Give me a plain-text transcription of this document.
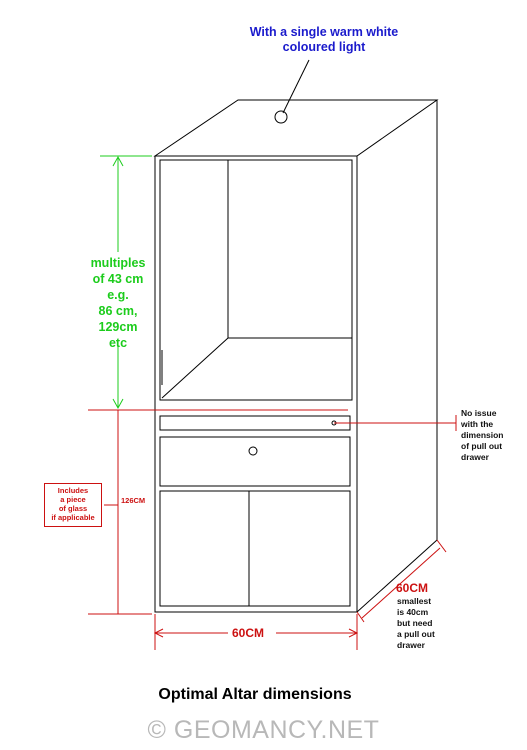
With a single warm white
coloured light
multiples
of 43 cm
e.g.
86 cm,
129cm
etc
No issue
with the
dimension
of pull out
drawer
Includes
a piece
of glass
if applicable
126CM
60CM
60CM
smallest
is 40cm
but need
a pull out
drawer
Optimal Altar dimensions
© GEOMANCY.NET
